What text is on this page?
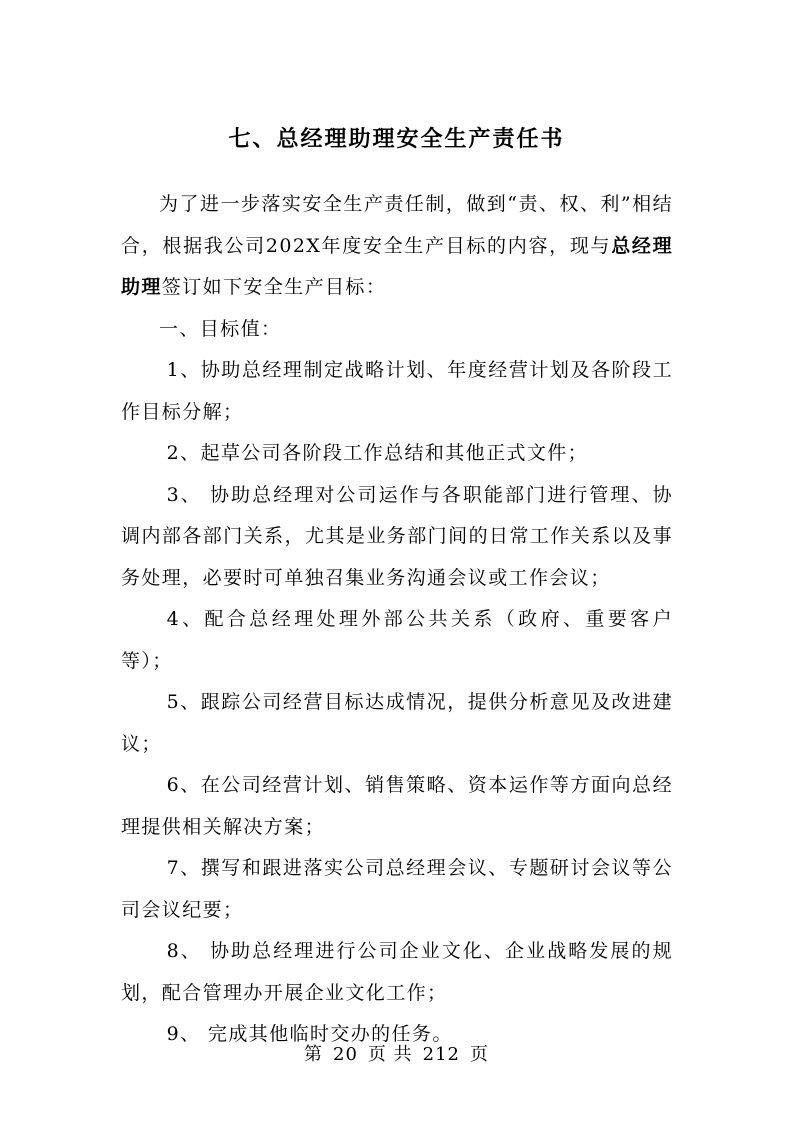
七、总经理助理安全生产责任书

为了进一步落实安全生产责任制，做到“责、权、利”相结合，根据我公司202X年度安全生产目标的内容，现与总经理助理签订如下安全生产目标：

一、目标值：

1、协助总经理制定战略计划、年度经营计划及各阶段工作目标分解；

2、起草公司各阶段工作总结和其他正式文件；

3、 协助总经理对公司运作与各职能部门进行管理、协调内部各部门关系，尤其是业务部门间的日常工作关系以及事务处理，必要时可单独召集业务沟通会议或工作会议；

4、配合总经理处理外部公共关系（政府、重要客户等）；

5、跟踪公司经营目标达成情况，提供分析意见及改进建议；

6、在公司经营计划、销售策略、资本运作等方面向总经理提供相关解决方案；

7、撰写和跟进落实公司总经理会议、专题研讨会议等公司会议纪要；

8、 协助总经理进行公司企业文化、企业战略发展的规划，配合管理办开展企业文化工作；

9、 完成其他临时交办的任务。

第 20 页 共 212 页
